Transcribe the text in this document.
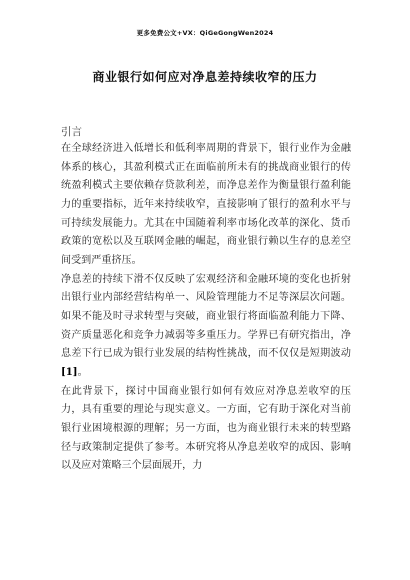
更多免费公文+VX：QiGeGongWen2024
商业银行如何应对净息差持续收窄的压力
引言

在全球经济进入低增长和低利率周期的背景下，银行业作为金融体系的核心，其盈利模式正在面临前所未有的挑战商业银行的传统盈利模式主要依赖存贷款利差，而净息差作为衡量银行盈利能力的重要指标，近年来持续收窄，直接影响了银行的盈利水平与可持续发展能力。尤其在中国随着利率市场化改革的深化、货币政策的宽松以及互联网金融的崛起，商业银行赖以生存的息差空间受到严重挤压。

净息差的持续下滑不仅反映了宏观经济和金融环境的变化也折射出银行业内部经营结构单一、风险管理能力不足等深层次问题。如果不能及时寻求转型与突破，商业银行将面临盈利能力下降、资产质量恶化和竞争力减弱等多重压力。学界已有研究指出，净息差下行已成为银行业发展的结构性挑战，而不仅仅是短期波动[1]。

在此背景下，探讨中国商业银行如何有效应对净息差收窄的压力，具有重要的理论与现实意义。一方面，它有助于深化对当前银行业困境根源的理解；另一方面，也为商业银行未来的转型路径与政策制定提供了参考。本研究将从净息差收窄的成因、影响以及应对策略三个层面展开，力
